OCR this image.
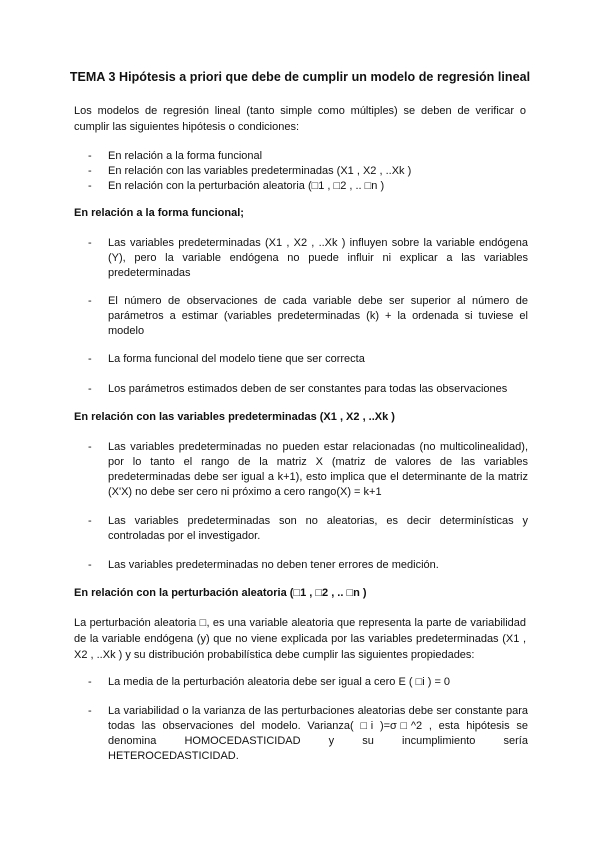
TEMA 3 Hipótesis a priori que debe de cumplir un modelo de regresión lineal
Los modelos de regresión lineal (tanto simple como múltiples) se deben de verificar o cumplir las siguientes hipótesis o condiciones:
- En relación a la forma funcional
- En relación con las variables predeterminadas (X1 , X2 , ..Xk )
- En relación con la perturbación aleatoria (□1 , □2 , .. □n )
En relación a la forma funcional;
- Las variables predeterminadas (X1 , X2 , ..Xk ) influyen sobre la variable endógena (Y), pero la variable endógena no puede influir ni explicar a las variables predeterminadas
- El número de observaciones de cada variable debe ser superior al número de parámetros a estimar (variables predeterminadas (k) + la ordenada si tuviese el modelo
- La forma funcional del modelo tiene que ser correcta
- Los parámetros estimados deben de ser constantes para todas las observaciones
En relación con las variables predeterminadas (X1 , X2 , ..Xk )
- Las variables predeterminadas no pueden estar relacionadas (no multicolinealidad), por lo tanto el rango de la matriz X (matriz de valores de las variables predeterminadas debe ser igual a k+1), esto implica que el determinante de la matriz (X'X) no debe ser cero ni próximo a cero rango(X) = k+1
- Las variables predeterminadas son no aleatorias, es decir determinísticas y controladas por el investigador.
- Las variables predeterminadas no deben tener errores de medición.
En relación con la perturbación aleatoria (□1 , □2 , .. □n )
La perturbación aleatoria □, es una variable aleatoria que representa la parte de variabilidad de la variable endógena (y) que no viene explicada por las variables predeterminadas (X1 , X2 , ..Xk ) y su distribución probabilística debe cumplir las siguientes propiedades:
- La media de la perturbación aleatoria debe ser igual a cero E ( □i ) = 0
- La variabilidad o la varianza de las perturbaciones aleatorias debe ser constante para todas las observaciones del modelo. Varianza( □i )=σ□^2 , esta hipótesis se
denomina	HOMOCEDASTICIDAD	y	su	incumplimiento	sería
HETEROCEDASTICIDAD.
